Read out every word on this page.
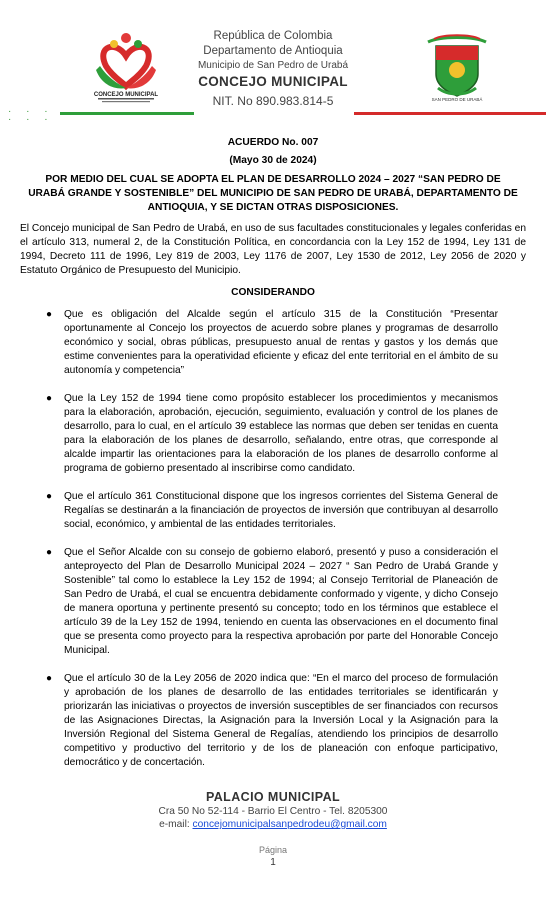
CONCEJO MUNICIPAL
República de Colombia
Departamento de Antioquia
Municipio de San Pedro de Urabá
CONCEJO MUNICIPAL
NIT. No 890.983.814-5	SAN PEDRO DE URABÁ
· · · · · ·
ACUERDO No. 007
(Mayo 30 de 2024)
POR MEDIO DEL CUAL SE ADOPTA EL PLAN DE DESARROLLO 2024 – 2027 “SAN PEDRO DE URABÁ GRANDE Y SOSTENIBLE” DEL MUNICIPIO DE SAN PEDRO DE URABÁ, DEPARTAMENTO DE ANTIOQUIA, Y SE DICTAN OTRAS DISPOSICIONES.
El Concejo municipal de San Pedro de Urabá, en uso de sus facultades constitucionales y legales conferidas en el artículo 313, numeral 2, de la Constitución Política, en concordancia con la Ley 152 de 1994, Ley 131 de 1994, Decreto 111 de 1996, Ley 819 de 2003, Ley 1176 de 2007, Ley 1530 de 2012, Ley 2056 de 2020 y Estatuto Orgánico de Presupuesto del Municipio.
CONSIDERANDO
● Que es obligación del Alcalde según el artículo 315 de la Constitución “Presentar oportunamente al Concejo los proyectos de acuerdo sobre planes y programas de desarrollo económico y social, obras públicas, presupuesto anual de rentas y gastos y los demás que estime convenientes para la operatividad eficiente y eficaz del ente territorial en el ámbito de su autonomía y competencia”
● Que la Ley 152 de 1994 tiene como propósito establecer los procedimientos y mecanismos para la elaboración, aprobación, ejecución, seguimiento, evaluación y control de los planes de desarrollo, para lo cual, en el artículo 39 establece las normas que deben ser tenidas en cuenta para la elaboración de los planes de desarrollo, señalando, entre otras, que corresponde al alcalde impartir las orientaciones para la elaboración de los planes de desarrollo conforme al programa de gobierno presentado al inscribirse como candidato.
● Que el artículo 361 Constitucional dispone que los ingresos corrientes del Sistema General de Regalías se destinarán a la financiación de proyectos de inversión que contribuyan al desarrollo social, económico, y ambiental de las entidades territoriales.
● Que el Señor Alcalde con su consejo de gobierno elaboró, presentó y puso a consideración el anteproyecto del Plan de Desarrollo Municipal 2024 – 2027 “ San Pedro de Urabá Grande y Sostenible” tal como lo establece la Ley 152 de 1994; al Consejo Territorial de Planeación de San Pedro de Urabá, el cual se encuentra debidamente conformado y vigente, y dicho Consejo de manera oportuna y pertinente presentó su concepto; todo en los términos que establece el artículo 39 de la Ley 152 de 1994, teniendo en cuenta las observaciones en el documento final que se presenta como proyecto para la respectiva aprobación por parte del Honorable Concejo Municipal.
● Que el artículo 30 de la Ley 2056 de 2020 indica que: “En el marco del proceso de formulación y aprobación de los planes de desarrollo de las entidades territoriales se identificarán y priorizarán las iniciativas o proyectos de inversión susceptibles de ser financiados con recursos de las Asignaciones Directas, la Asignación para la Inversión Local y la Asignación para la Inversión Regional del Sistema General de Regalías, atendiendo los principios de desarrollo competitivo y productivo del territorio y de los de planeación con enfoque participativo, democrático y de concertación.
PALACIO MUNICIPAL
Cra 50 No 52-114 - Barrio El Centro - Tel. 8205300
e-mail: concejomunicipalsanpedrodeu@gmail.com
Página
1
